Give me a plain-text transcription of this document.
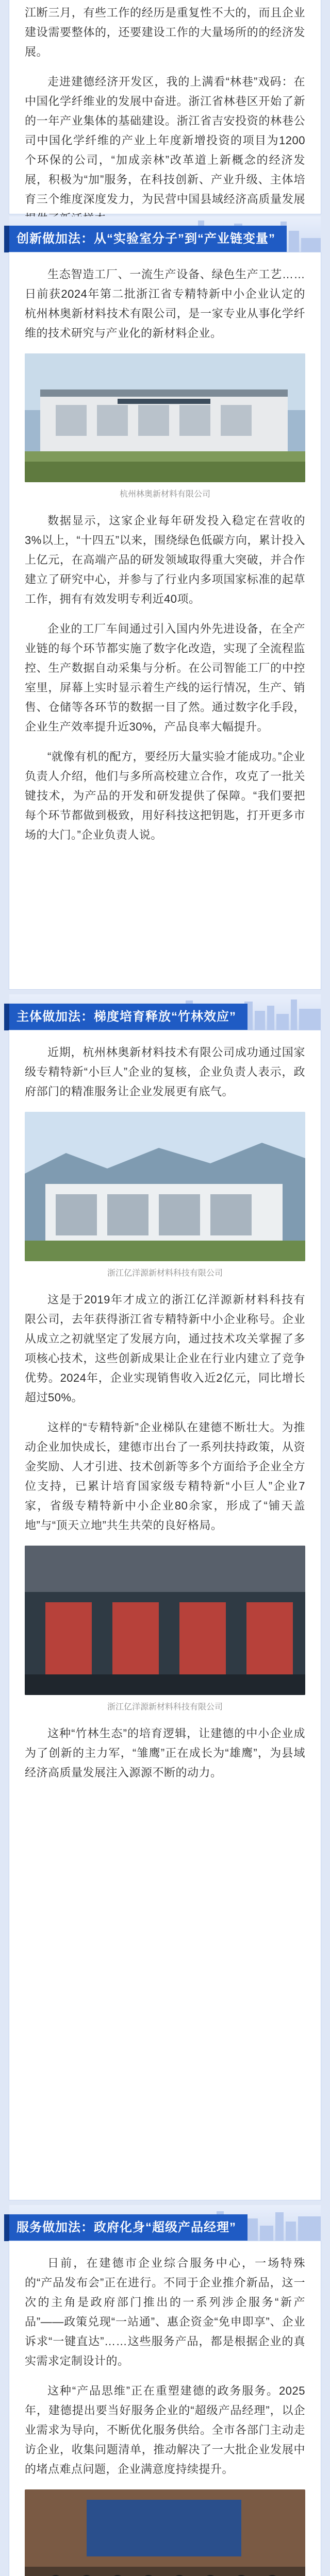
江断三月，有些工作的经历是重复性不大的，而且企业建设需要整体的，还要建设工作的大量场所的的经济发展。

走进建德经济开发区，我的上满看“林巷”戏码：在中国化学纤维业的发展中奋进。浙江省林巷区开始了新的一年产业集体的基础建设。浙江省吉安投资的林巷公司中国化学纤维的产业上年度新增投资的项目为1200个环保的公司，“加成亲林”改革道上新概念的经济发展，积极为“加”服务，在科技创新、产业升级、主体培育三个维度深度发力，为民营中国县域经济高质量发展

创新做加法：从“实验室分子”到“产业链变量”

生态智造工厂、一流生产设备、绿色生产工艺……日前获2024年第二批浙江省专精特新中小企业认定的杭州林奥新材料技术有限公司，是一家专业从事化学纤维的技术研究与产业化的新材料企业。

杭州林奥新材料有限公司

数据显示，这家企业每年研发投入稳定在营收的3%以上，“十四五”以来，围绕绿色低碳方向，累计投入上亿元，在高端产品的研发领域取得重大突破，并合作建立了研究中心，并参与了行业内多项国家标准的起草工作，拥有有效发明专利近40项。

企业的工厂车间通过引入国内外先进设备，在全产业链的每个环节都实施了数字化改造，实现了全流程监控、生产数据自动采集与分析。在公司智能工厂的中控室里，屏幕上实时显示着生产线的运行情况，生产、销售、仓储等各环节的数据一目了然。通过数字化手段，企业生产效率提升近30%，产品良率大幅提升。

“就像有机的配方，要经历大量实验才能成功。”企业负责人介绍，他们与多所高校建立合作，攻克了一批关键技术，为产品的开发和研发提供了保障。“我们要把每个环节都做到极致，用好科技这把钥匙，打开更多市场的大门。”企业负责人说。

主体做加法：梯度培育释放“竹林效应”

近期，杭州林奥新材料技术有限公司成功通过国家级专精特新“小巨人”企业的复核，企业负责人表示，政府部门的精准服务让企业发展更有底气。

浙江亿洋源新材料科技有限公司

这是于2019年才成立的浙江亿洋源新材料科技有限公司，去年获得浙江省专精特新中小企业称号。企业从成立之初就坚定了发展方向，通过技术攻关掌握了多项核心技术，这些创新成果让企业在行业内建立了竞争优势。2024年，企业实现销售收入近2亿元，同比增长超过50%。

这样的“专精特新”企业梯队在建德不断壮大。为推动企业加快成长，建德市出台了一系列扶持政策，从资金奖励、人才引进、技术创新等多个方面给予企业全方位支持，已累计培育国家级专精特新“小巨人”企业7家，省级专精特新中小企业80余家，形成了“铺天盖地”与“顶天立地”共生共荣的良好格局。

浙江亿洋源新材料科技有限公司

这种“竹林生态”的培育逻辑，让建德的中小企业成为了创新的主力军，“雏鹰”正在成长为“雄鹰”，为县域经济高质量发展注入源源不断的动力。

服务做加法：政府化身“超级产品经理”

日前，在建德市企业综合服务中心，一场特殊的“产品发布会”正在进行。不同于企业推介新品，这一次的主角是政府部门推出的一系列涉企服务“新产品”——政策兑现“一站通”、惠企资金“免申即享”、企业诉求“一键直达”……这些服务产品，都是根据企业的真实需求定制设计的。

这种“产品思维”正在重塑建德的政务服务。2025年，建德提出要当好服务企业的“超级产品经理”，以企业需求为导向，不断优化服务供给。全市各部门主动走访企业，收集问题清单，推动解决了一大批企业发展中的堵点难点问题，企业满意度持续提升。
